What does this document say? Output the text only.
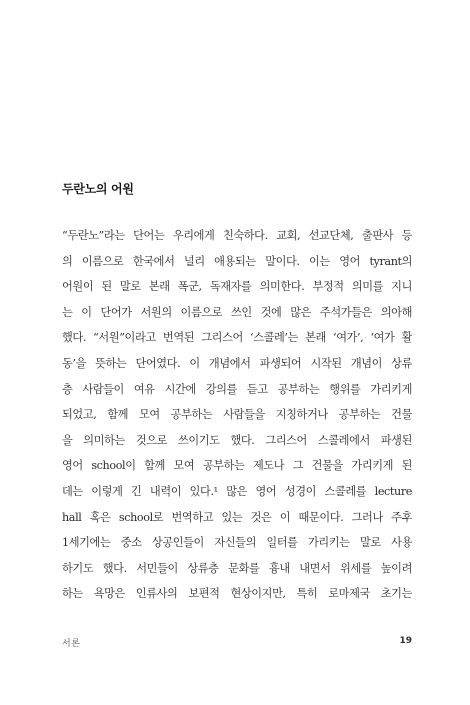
두란노의 어원
“두란노”라는 단어는 우리에게 친숙하다. 교회, 선교단체, 출판사 등
의 이름으로 한국에서 널리 애용되는 말이다. 이는 영어 tyrant의
어원이 된 말로 본래 폭군, 독재자를 의미한다. 부정적 의미를 지니
는 이 단어가 서원의 이름으로 쓰인 것에 많은 주석가들은 의아해
했다. “서원”이라고 번역된 그리스어 ‘스콜레’는 본래 ‘여가’, ‘여가 활
동’을 뜻하는 단어였다. 이 개념에서 파생되어 시작된 개념이 상류
층 사람들이 여유 시간에 강의를 듣고 공부하는 행위를 가리키게
되었고, 함께 모여 공부하는 사람들을 지칭하거나 공부하는 건물
을 의미하는 것으로 쓰이기도 했다. 그리스어 스콜레에서 파생된
영어 school이 함께 모여 공부하는 제도나 그 건물을 가리키게 된
데는 이렇게 긴 내력이 있다.¹ 많은 영어 성경이 스콜레를 lecture
hall 혹은 school로 번역하고 있는 것은 이 때문이다. 그러나 주후
1세기에는 중소 상공인들이 자신들의 일터를 가리키는 말로 사용
하기도 했다. 서민들이 상류층 문화를 흉내 내면서 위세를 높이려
하는 욕망은 인류사의 보편적 현상이지만, 특히 로마제국 초기는
서론	19
